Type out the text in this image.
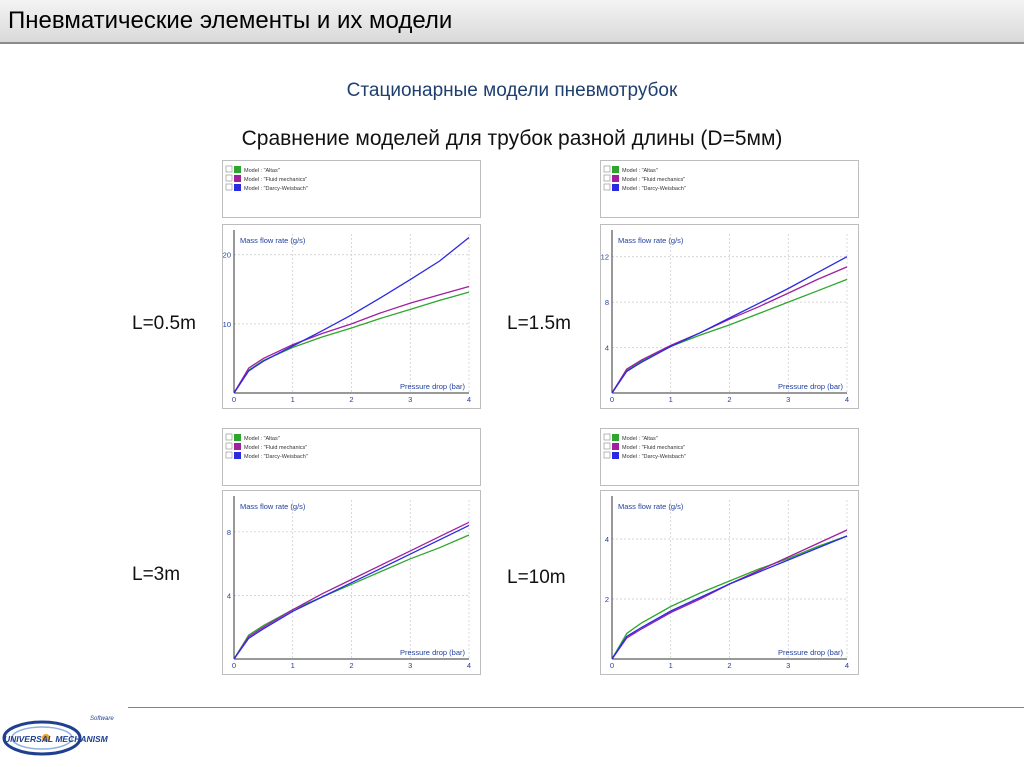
Пневматические элементы и их модели
Стационарные модели пневмотрубок
Сравнение моделей для трубок разной длины (D=5мм)
L=0.5m	L=1.5m
L=3m	L=10m
Model : "Altas"
Model : "Fluid mechanics"
Model : "Darcy-Weisbach"
0	1	2	3	4
10
20
Mass flow rate (g/s)
Pressure drop (bar)
Model : "Altas"
Model : "Fluid mechanics"
Model : "Darcy-Weisbach"
0	1	2	3	4
4
8
12
Mass flow rate (g/s)
Pressure drop (bar)
Model : "Altas"
Model : "Fluid mechanics"
Model : "Darcy-Weisbach"
0	1	2	3	4
4
8
Mass flow rate (g/s)
Pressure drop (bar)
Model : "Altas"
Model : "Fluid mechanics"
Model : "Darcy-Weisbach"
0	1	2	3	4
2
4
Mass flow rate (g/s)
Pressure drop (bar)
UNIVERSAL MECHANISM
Software
